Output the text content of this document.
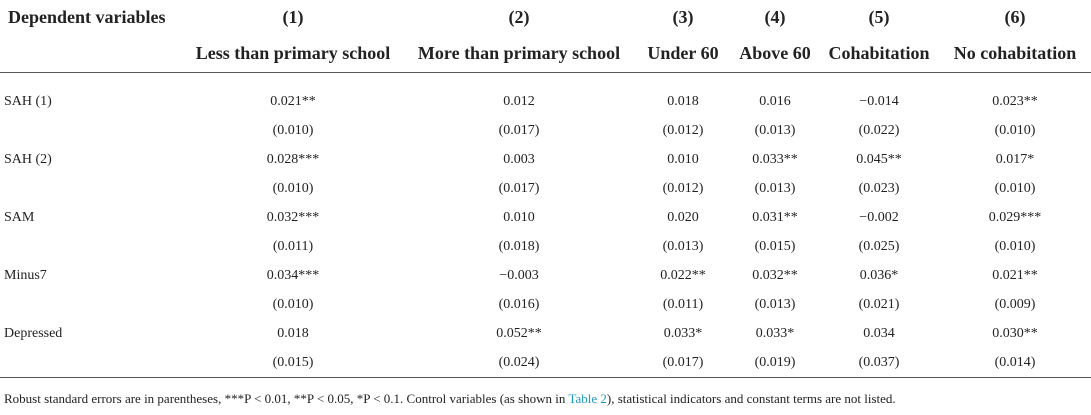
Dependent variables	(1)	(2)	(3)	(4)	(5)	(6)
	Less than primary school	More than primary school	Under 60	Above 60	Cohabitation	No cohabitation

SAH (1)	0.021**	0.012	0.018	0.016	−0.014	0.023**
	(0.010)	(0.017)	(0.012)	(0.013)	(0.022)	(0.010)
SAH (2)	0.028***	0.003	0.010	0.033**	0.045**	0.017*
	(0.010)	(0.017)	(0.012)	(0.013)	(0.023)	(0.010)
SAM	0.032***	0.010	0.020	0.031**	−0.002	0.029***
	(0.011)	(0.018)	(0.013)	(0.015)	(0.025)	(0.010)
Minus7	0.034***	−0.003	0.022**	0.032**	0.036*	0.021**
	(0.010)	(0.016)	(0.011)	(0.013)	(0.021)	(0.009)
Depressed	0.018	0.052**	0.033*	0.033*	0.034	0.030**
	(0.015)	(0.024)	(0.017)	(0.019)	(0.037)	(0.014)
Robust standard errors are in parentheses, ***P < 0.01, **P < 0.05, *P < 0.1. Control variables (as shown in Table 2), statistical indicators and constant terms are not listed.
